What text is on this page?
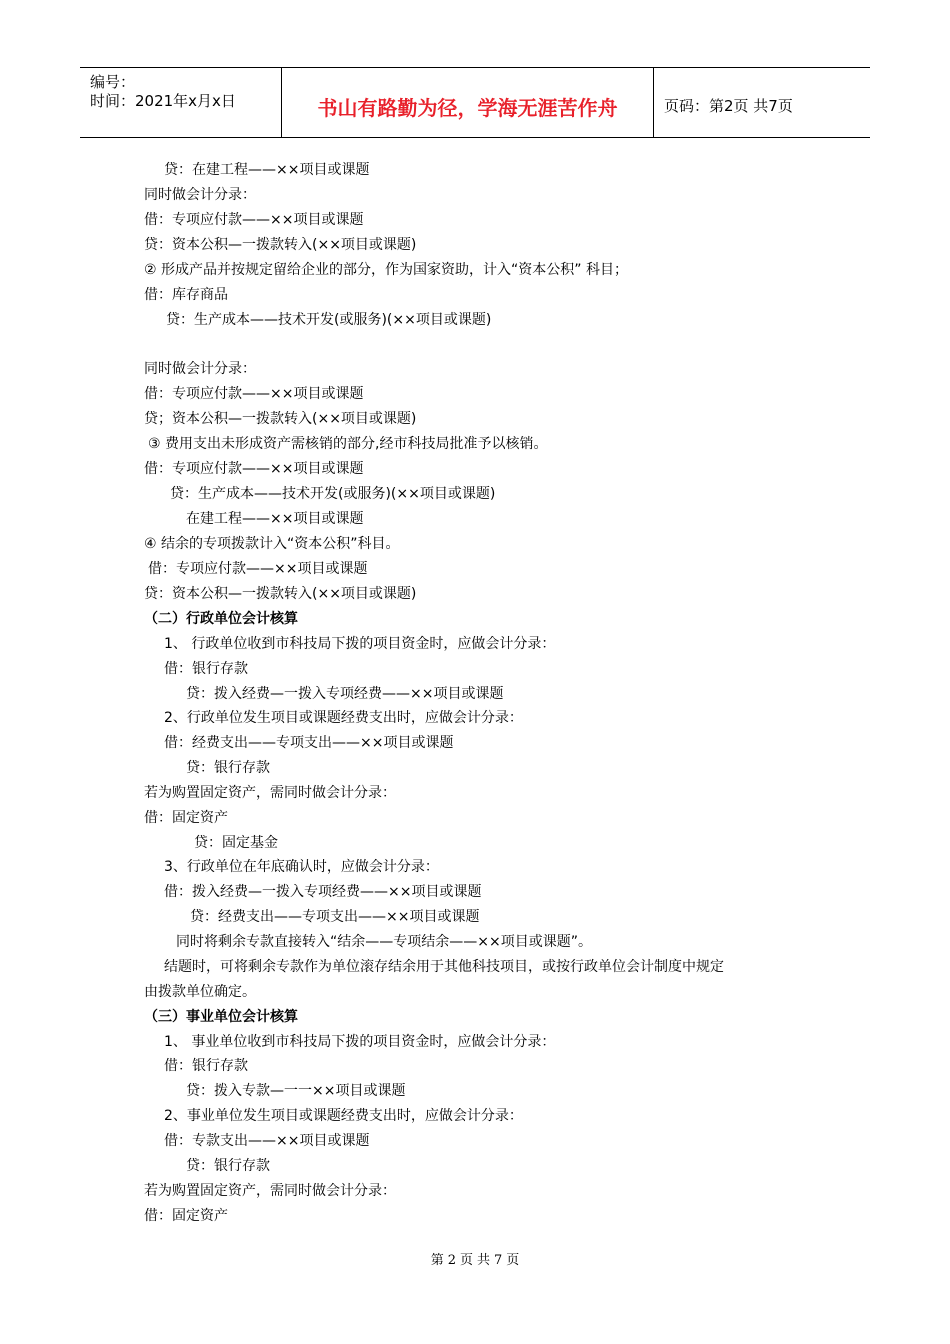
编号：
时间：2021年x月x日	书山有路勤为径，学海无涯苦作舟	页码：第2页 共7页
贷：在建工程——××项目或课题
同时做会计分录：
借：专项应付款——××项目或课题
贷：资本公积—一拨款转入(××项目或课题)
② 形成产品并按规定留给企业的部分，作为国家资助，计入“资本公积” 科目；
借：库存商品
贷：生产成本——技术开发(或服务)(××项目或课题)
同时做会计分录：
借：专项应付款——××项目或课题
贷；资本公积—一拨款转入(××项目或课题)
③ 费用支出未形成资产需核销的部分,经市科技局批准予以核销。
借：专项应付款——××项目或课题
贷：生产成本——技术开发(或服务)(××项目或课题)
在建工程——××项目或课题
④ 结余的专项拨款计入“资本公积”科目。
借：专项应付款——××项目或课题
贷：资本公积—一拨款转入(××项目或课题)
（二）行政单位会计核算
1、 行政单位收到市科技局下拨的项目资金时，应做会计分录：
借：银行存款
贷：拨入经费—一拨入专项经费——××项目或课题
2、行政单位发生项目或课题经费支出时，应做会计分录：
借：经费支出——专项支出——××项目或课题
贷：银行存款
若为购置固定资产，需同时做会计分录：
借：固定资产
贷：固定基金
3、行政单位在年底确认时，应做会计分录：
借：拨入经费—一拨入专项经费——××项目或课题
贷：经费支出——专项支出——××项目或课题
同时将剩余专款直接转入“结余——专项结余——××项目或课题”。
结题时，可将剩余专款作为单位滚存结余用于其他科技项目，或按行政单位会计制度中规定
由拨款单位确定。
（三）事业单位会计核算
1、 事业单位收到市科技局下拨的项目资金时，应做会计分录：
借：银行存款
贷：拨入专款—一一××项目或课题
2、事业单位发生项目或课题经费支出时，应做会计分录：
借：专款支出——××项目或课题
贷：银行存款
若为购置固定资产，需同时做会计分录：
借：固定资产
第 2 页 共 7 页
